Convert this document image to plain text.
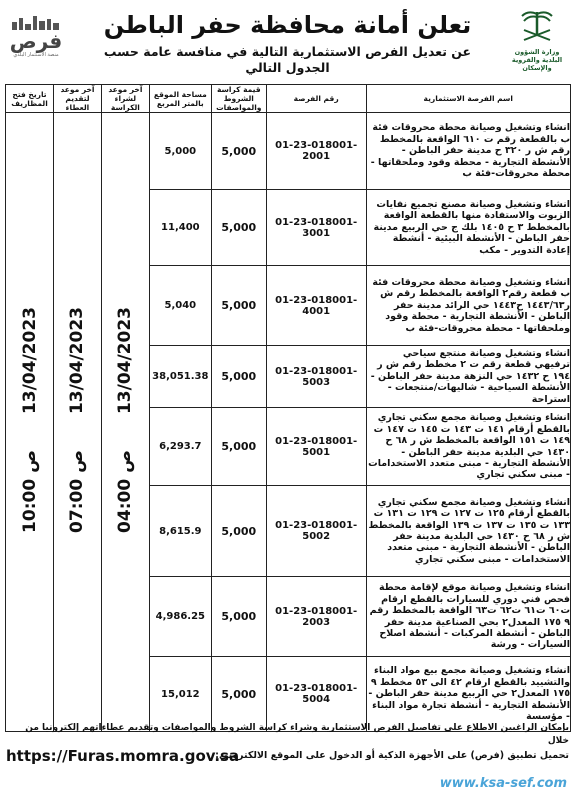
فرص
منصة الاستثمار البلدي
تعلن أمانة محافظة حفر الباطن
عن تعديل الفرص الاستثمارية التالية في منافسة عامة حسب الجدول التالي
وزارة الشؤون البلدية والقروية والإسكان
اسم الفرصة الاستثمارية	رقم الفرصة	قيمة كراسة الشروط والمواصفات	مساحة الموقع بالمتر المربع	آخر موعد لشراء الكراسة	آخر موعد لتقديم العطاء	تاريخ فتح المظاريف
انشاء وتشغيل وصيانة محطة محروقات فئة ب بالقطعة رقم ت ٦١٠ الواقعة بالمخطط رقم ش ر ٣٢٠ ح مدينة حفر الباطن - الأنشطة التجارية - محطة وقود وملحقاتها - محطة محروقات-فئة ب	01-23-018001-2001	5,000	5,000	04:00 ص13/04/2023	07:00 ص13/04/2023	10:00 ص13/04/2023
انشاء وتشغيل وصيانة مصنع تجميع نفايات الزيوت والاستفادة منها بالقطعة الواقعة بالمخطط ٣ ح ١٤٠٥ بلك ج حي الربيع مدينة حفر الباطن - الأنشطة البيئية - أنشطة إعادة التدوير - مكب	01-23-018001-3001	5,000	11,400			
انشاء وتشغيل وصيانة محطة محروقات فئة ب قطعة رقم٢ الواقعة بالمخطط رقم ش ر١٤٤٣/٦٣ ح١٤٤٣ حي الرائد مدينة حفر الباطن - الأنشطة التجارية - محطة وقود وملحقاتها - محطة محروقات-فئة ب	01-23-018001-4001	5,000	5,040			
انشاء وتشغيل وصيانة منتجع سياحي ترفيهي قطعة رقم ت ٢ مخطط رقم ش ر ١٩٤ ح ١٤٣٢ حي النزهة مدينة حفر الباطن - الأنشطة السياحية - شاليهات/منتجعات - استراحة	01-23-018001-5003	5,000	38,051.38			
انشاء وتشغيل وصيانة مجمع سكني تجاري بالقطع أرقام ١٤١ ت ١٤٣ ت ١٤٥ ت ١٤٧ ت ١٤٩ ت ١٥١ الواقعة بالمخطط ش ر ٦٨ ح ١٤٣٠ حي البلدية مدينة حفر الباطن - الأنشطة التجارية - مبنى متعدد الاستخدامات - مبنى سكني تجاري	01-23-018001-5001	5,000	6,293.7			
انشاء وتشغيل وصيانة مجمع سكني تجاري بالقطع أرقام ١٢٥ ت ١٢٧ ت ١٢٩ ت ١٣١ ت ١٣٣ ت ١٣٥ ت ١٣٧ ت ١٣٩ الواقعة بالمخطط ش ر ٦٨ ح ١٤٣٠ حي البلدية مدينة حفر الباطن - الأنشطة التجارية - مبنى متعدد الاستخدامات - مبنى سكني تجاري	01-23-018001-5002	5,000	8,615.9			
انشاء وتشغيل وصيانة موقع لإقامة محطة فحص فني دوري للسيارات بالقطع ارقام ت٦٠ ت٦١ ت٦٢ ت٦٣ الواقعة بالمخطط رقم ٩ ١٧٥ المعدل٢ بحي الصناعية مدينة حفر الباطن - أنشطة المركبات - أنشطة اصلاح السيارات - ورشة	01-23-018001-2003	5,000	4,986.25			
انشاء وتشغيل وصيانة مجمع بيع مواد البناء والتشييد بالقطع ارقام ٤٢ الى ٥٣ مخطط ٩ ١٧٥ المعدل٢ حي الربيع مدينة حفر الباطن - الأنشطة التجارية - أنشطة تجارة مواد البناء - مؤسسة	01-23-018001-5004	5,000	15,012			
بإمكان الراغبين الاطلاع على تفاصيل الفرص الاستثمارية وشراء كراسة الشروط والمواصفات وتقديم عطاءاتهم إلكترونيا من خلال
تحميل تطبيق (فرص) على الأجهزة الذكية أو الدخول على الموقع الالكتروني:
https://Furas.momra.gov.sa
www.ksa-sef.com
